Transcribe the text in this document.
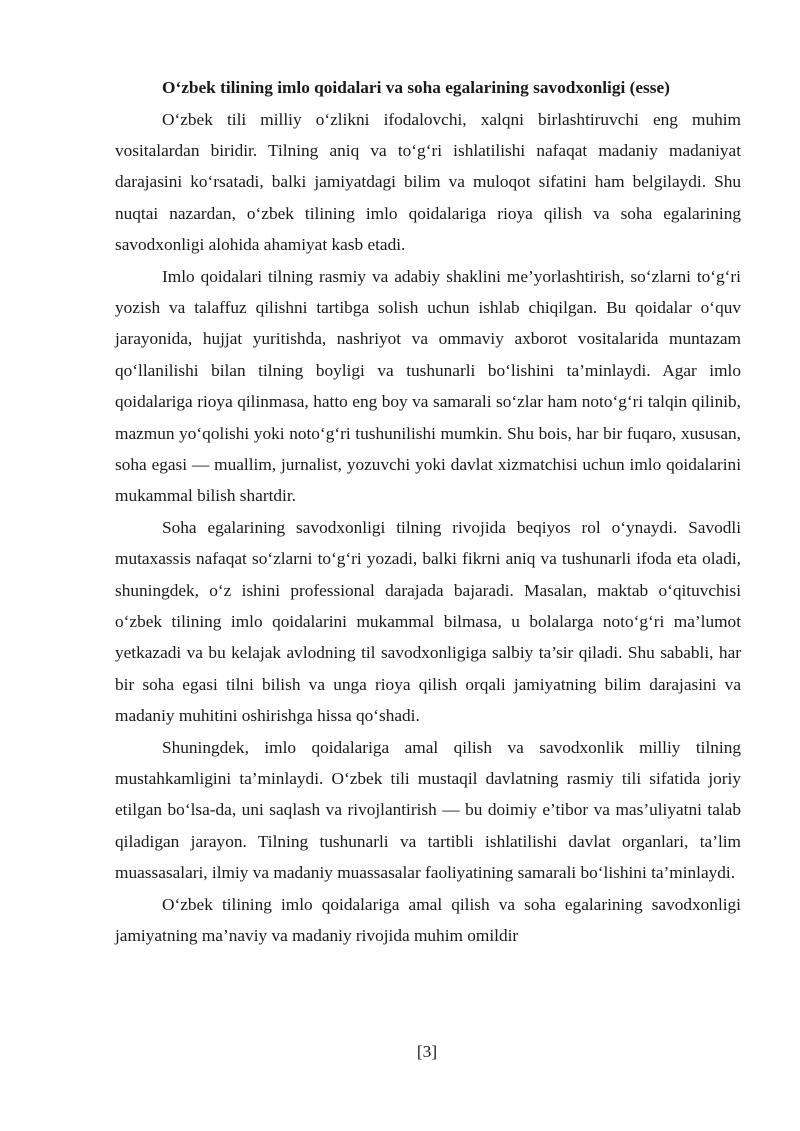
O‘zbek tilining imlo qoidalari va soha egalarining savodxonligi (esse)

O‘zbek tili milliy o‘zlikni ifodalovchi, xalqni birlashtiruvchi eng muhim vositalardan biridir. Tilning aniq va to‘g‘ri ishlatilishi nafaqat madaniy madaniyat darajasini ko‘rsatadi, balki jamiyatdagi bilim va muloqot sifatini ham belgilaydi. Shu nuqtai nazardan, o‘zbek tilining imlo qoidalariga rioya qilish va soha egalarining savodxonligi alohida ahamiyat kasb etadi.

Imlo qoidalari tilning rasmiy va adabiy shaklini me’yorlashtirish, so‘zlarni to‘g‘ri yozish va talaffuz qilishni tartibga solish uchun ishlab chiqilgan. Bu qoidalar o‘quv jarayonida, hujjat yuritishda, nashriyot va ommaviy axborot vositalarida muntazam qo‘llanilishi bilan tilning boyligi va tushunarli bo‘lishini ta’minlaydi. Agar imlo qoidalariga rioya qilinmasa, hatto eng boy va samarali so‘zlar ham noto‘g‘ri talqin qilinib, mazmun yo‘qolishi yoki noto‘g‘ri tushunilishi mumkin. Shu bois, har bir fuqaro, xususan, soha egasi — muallim, jurnalist, yozuvchi yoki davlat xizmatchisi uchun imlo qoidalarini mukammal bilish shartdir.

Soha egalarining savodxonligi tilning rivojida beqiyos rol o‘ynaydi. Savodli mutaxassis nafaqat so‘zlarni to‘g‘ri yozadi, balki fikrni aniq va tushunarli ifoda eta oladi, shuningdek, o‘z ishini professional darajada bajaradi. Masalan, maktab o‘qituvchisi o‘zbek tilining imlo qoidalarini mukammal bilmasa, u bolalarga noto‘g‘ri ma’lumot yetkazadi va bu kelajak avlodning til savodxonligiga salbiy ta’sir qiladi. Shu sababli, har bir soha egasi tilni bilish va unga rioya qilish orqali jamiyatning bilim darajasini va madaniy muhitini oshirishga hissa qo‘shadi.

Shuningdek, imlo qoidalariga amal qilish va savodxonlik milliy tilning mustahkamligini ta’minlaydi. O‘zbek tili mustaqil davlatning rasmiy tili sifatida joriy etilgan bo‘lsa-da, uni saqlash va rivojlantirish — bu doimiy e’tibor va mas’uliyatni talab qiladigan jarayon. Tilning tushunarli va tartibli ishlatilishi davlat organlari, ta’lim muassasalari, ilmiy va madaniy muassasalar faoliyatining samarali bo‘lishini ta’minlaydi.

O‘zbek tilining imlo qoidalariga amal qilish va soha egalarining savodxonligi jamiyatning ma’naviy va madaniy rivojida muhim omildir

[3]
